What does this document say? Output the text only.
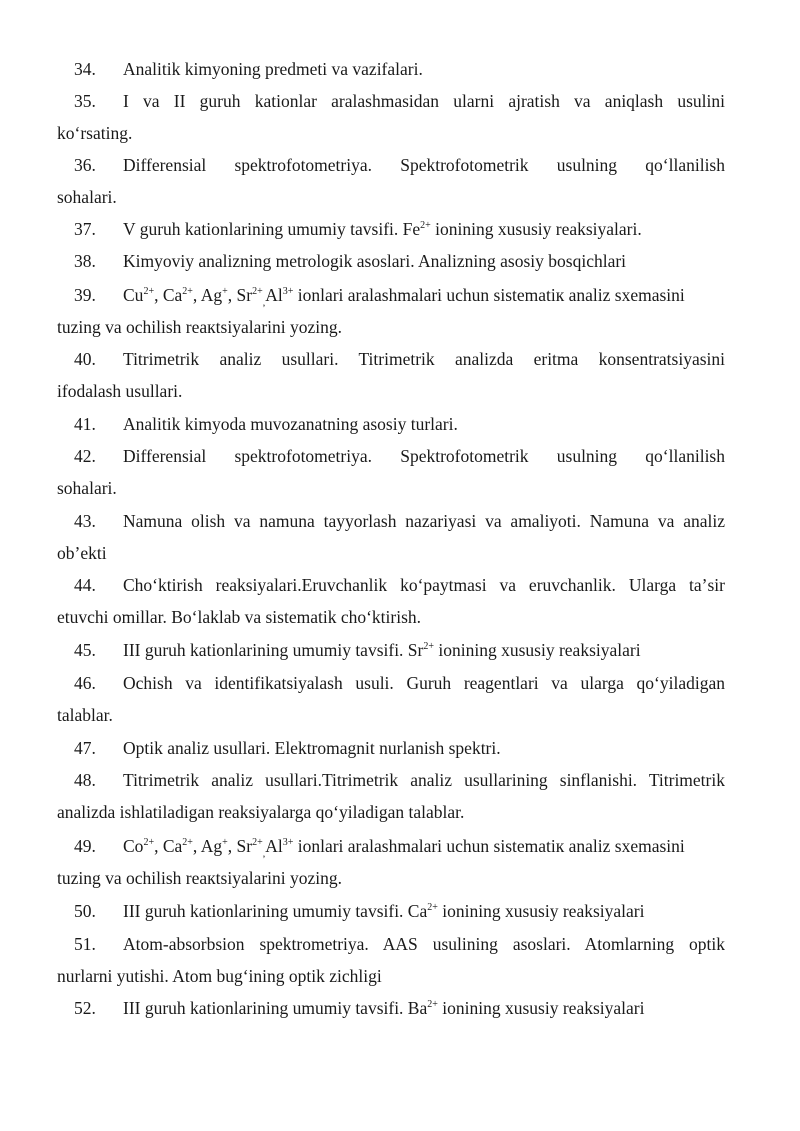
34.	Analitik kimyoning predmeti va vazifalari.
35.	I va II guruh kationlar aralashmasidan ularni ajratish va aniqlash usulini
koʻrsating.
36.	Differensial spektrofotometriya. Spektrofotometrik usulning qoʻllanilish
sohalari.
37.	V guruh kationlarining umumiy tavsifi. $Fe^{2+}$ ionining xususiy reaksiyalari.
38.	Kimyoviy analizning metrologik asoslari. Analizning asosiy bosqichlari
39.	$Cu^{2+}$, $Ca^{2+}$, Ag+, $Sr^{2+}_,Al^{3+}$ ionlari aralashmalari uchun sistematiк analiz sxemasini
tuzing va ochilish reaкtsiyalarini yozing.
40.	Titrimetrik analiz usullari. Titrimetrik analizda eritma konsentratsiyasini
ifodalash usullari.
41.	Analitik kimyoda muvozanatning asosiy turlari.
42.	Differensial spektrofotometriya. Spektrofotometrik usulning qoʻllanilish
sohalari.
43.	Namuna olish va namuna tayyorlash nazariyasi va amaliyoti. Namuna va analiz
obʼekti
44.	Choʻktirish reaksiyalari.Eruvchanlik koʻpaytmasi va eruvchanlik. Ularga taʼsir
etuvchi omillar. Boʻlaklab va sistematik choʻktirish.
45.	III guruh kationlarining umumiy tavsifi. $Sr^{2+}$ ionining xususiy reaksiyalari
46.	Ochish va identifikatsiyalash usuli. Guruh reagentlari va ularga qoʻyiladigan
talablar.
47.	Optik analiz usullari. Elektromagnit nurlanish spektri.
48.	Titrimetrik analiz usullari.Titrimetrik analiz usullarining sinflanishi. Titrimetrik
analizda ishlatiladigan reaksiyalarga qoʻyiladigan talablar.
49.	$Co^{2+}$, $Ca^{2+}$, Ag+, $Sr^{2+}_,Al^{3+}$ ionlari aralashmalari uchun sistematiк analiz sxemasini
tuzing va ochilish reaкtsiyalarini yozing.
50.	III guruh kationlarining umumiy tavsifi. $Ca^{2+}$ ionining xususiy reaksiyalari
51.	Atom-absorbsion spektrometriya. AAS usulining asoslari. Atomlarning optik
nurlarni yutishi. Atom bugʻining optik zichligi
52.	III guruh kationlarining umumiy tavsifi. $Ba^{2+}$ ionining xususiy reaksiyalari
